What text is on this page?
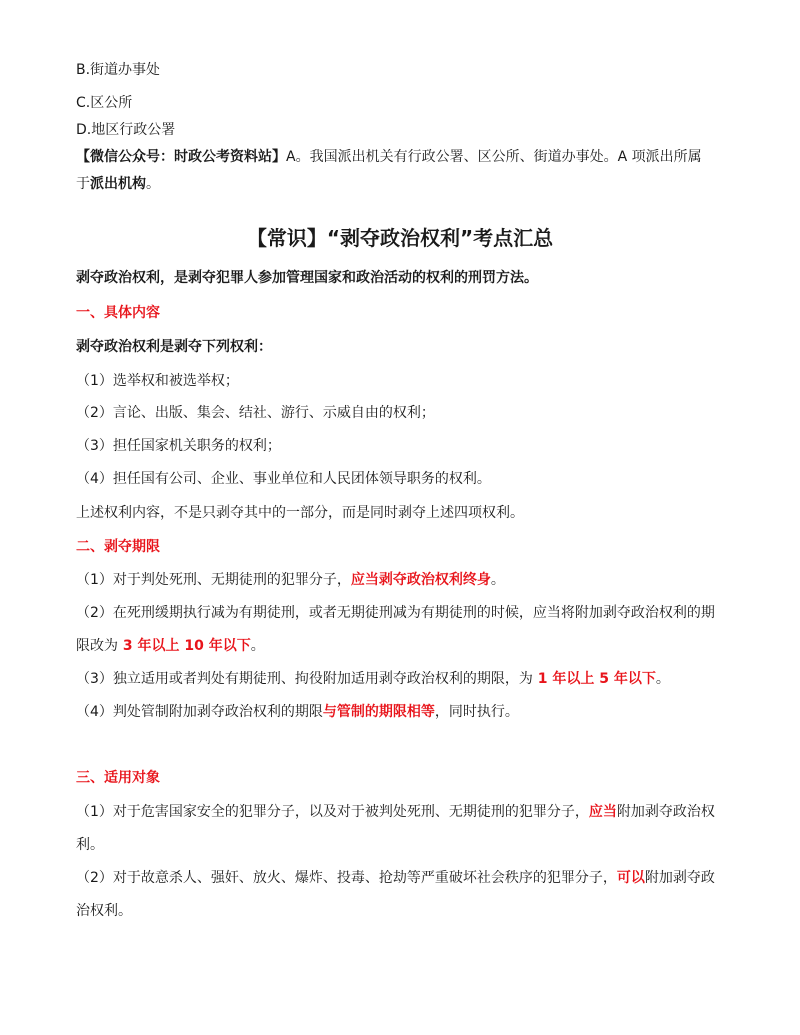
B.街道办事处
C.区公所
D.地区行政公署
【微信公众号：时政公考资料站】A。我国派出机关有行政公署、区公所、街道办事处。A 项派出所属
于派出机构。
【常识】“剥夺政治权利”考点汇总
剥夺政治权利，是剥夺犯罪人参加管理国家和政治活动的权利的刑罚方法。
一、具体内容
剥夺政治权利是剥夺下列权利：
（1）选举权和被选举权；
（2）言论、出版、集会、结社、游行、示威自由的权利；
（3）担任国家机关职务的权利；
（4）担任国有公司、企业、事业单位和人民团体领导职务的权利。
上述权利内容，不是只剥夺其中的一部分，而是同时剥夺上述四项权利。
二、剥夺期限
（1）对于判处死刑、无期徒刑的犯罪分子，应当剥夺政治权利终身。
（2）在死刑缓期执行减为有期徒刑，或者无期徒刑减为有期徒刑的时候，应当将附加剥夺政治权利的期
限改为 3 年以上 10 年以下。
（3）独立适用或者判处有期徒刑、拘役附加适用剥夺政治权利的期限，为 1 年以上 5 年以下。
（4）判处管制附加剥夺政治权利的期限与管制的期限相等，同时执行。
三、适用对象
（1）对于危害国家安全的犯罪分子，以及对于被判处死刑、无期徒刑的犯罪分子，应当附加剥夺政治权
利。
（2）对于故意杀人、强奸、放火、爆炸、投毒、抢劫等严重破坏社会秩序的犯罪分子，可以附加剥夺政
治权利。
